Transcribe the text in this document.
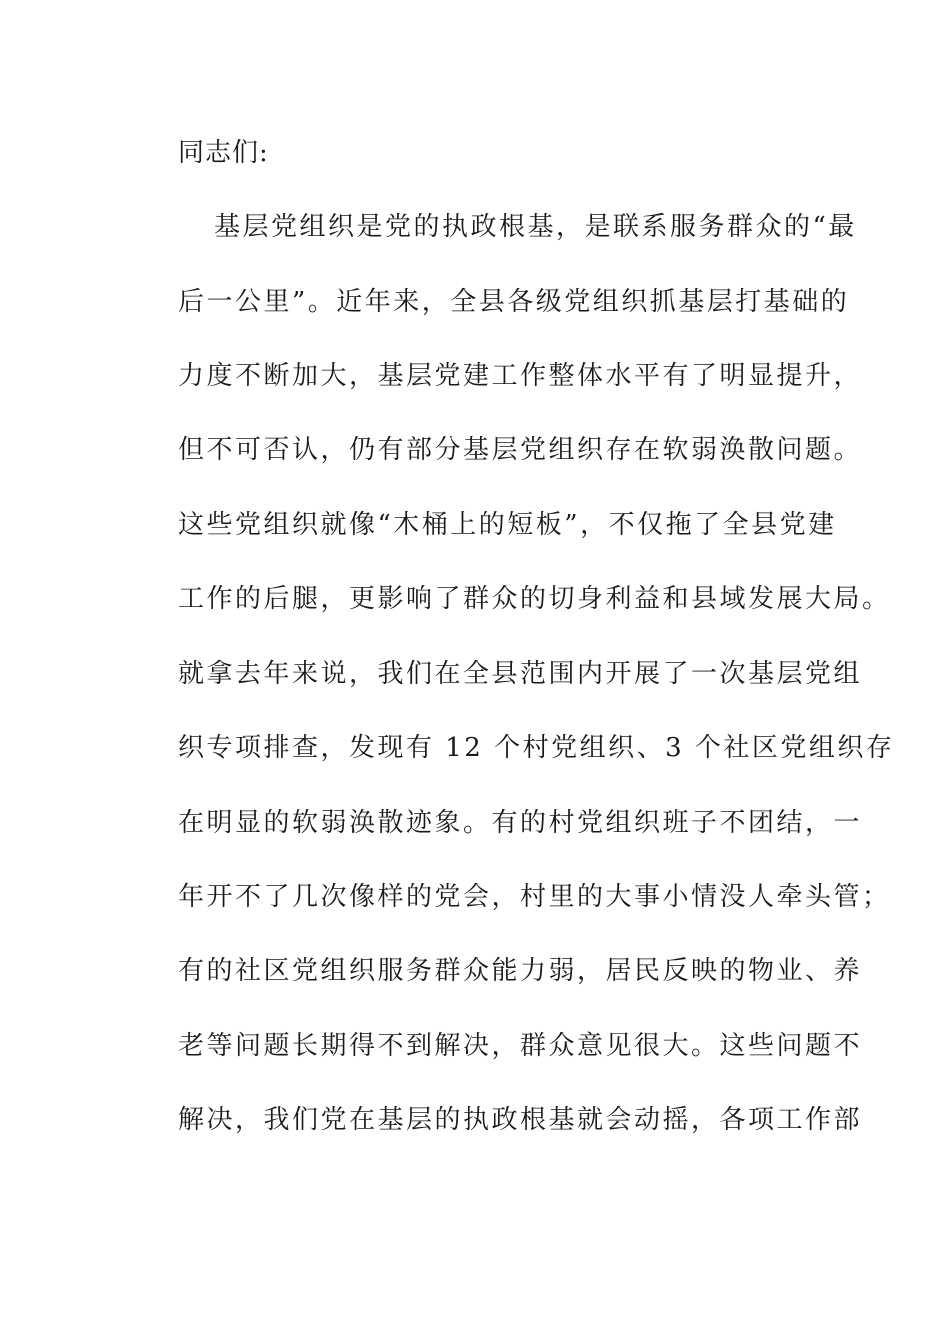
同志们:
基层党组织是党的执政根基，是联系服务群众的“最
后一公里”。近年来，全县各级党组织抓基层打基础的
力度不断加大，基层党建工作整体水平有了明显提升，
但不可否认，仍有部分基层党组织存在软弱涣散问题。
这些党组织就像“木桶上的短板”，不仅拖了全县党建
工作的后腿，更影响了群众的切身利益和县域发展大局。
就拿去年来说，我们在全县范围内开展了一次基层党组
织专项排查，发现有 12 个村党组织、3 个社区党组织存
在明显的软弱涣散迹象。有的村党组织班子不团结，一
年开不了几次像样的党会，村里的大事小情没人牵头管；
有的社区党组织服务群众能力弱，居民反映的物业、养
老等问题长期得不到解决，群众意见很大。这些问题不
解决，我们党在基层的执政根基就会动摇，各项工作部
